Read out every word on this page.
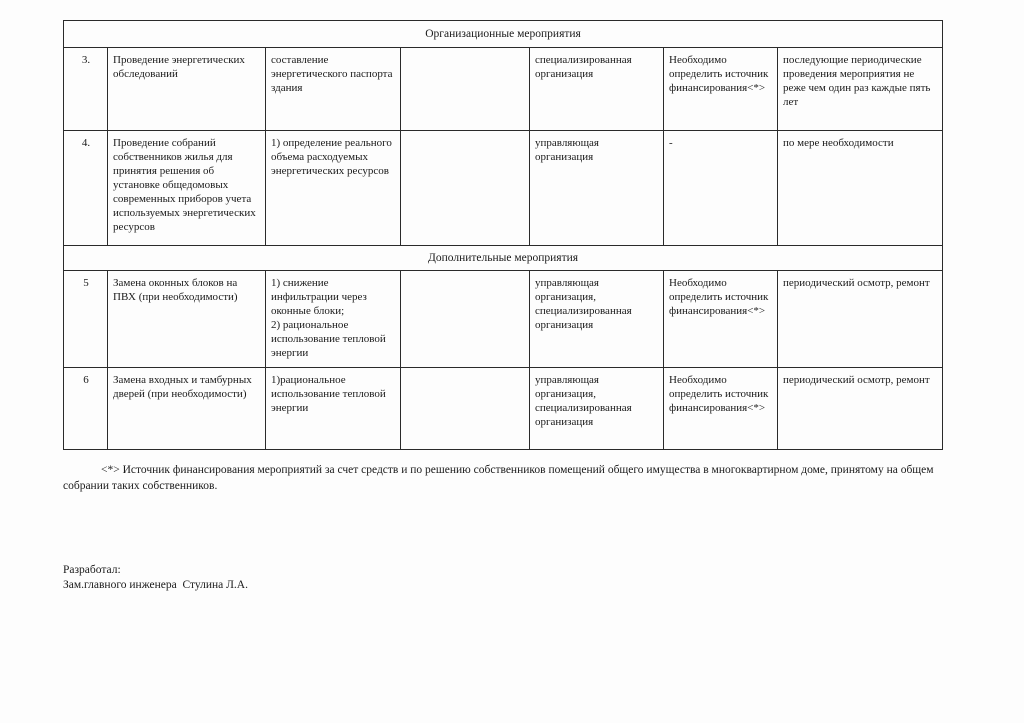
Организационные мероприятия						
3.	Проведение энергетических обследований	составление энергетического паспорта здания		специализированная организация	Необходимо определить источник финансирования<*>	последующие периодические проведения мероприятия не реже чем один раз каждые пять лет
4.	Проведение собраний собственников жилья для принятия решения об установке общедомовых современных приборов учета используемых энергетических ресурсов	1) определение реального объема расходуемых энергетических ресурсов		управляющая организация	-	по мере необходимости
Дополнительные мероприятия						
5	Замена оконных блоков на ПВХ (при необходимости)	1) снижение инфильтрации через оконные блоки;
2) рациональное использование тепловой энергии		управляющая организация, специализированная организация	Необходимо определить источник финансирования<*>	периодический осмотр, ремонт
6	Замена входных и тамбурных дверей (при необходимости)	1)рациональное использование тепловой энергии		управляющая организация, специализированная организация	Необходимо определить источник финансирования<*>	периодический осмотр, ремонт
<*> Источник финансирования мероприятий за счет средств и по решению собственников помещений общего имущества в многоквартирном доме, принятому на общем собрании таких собственников.
Разработал:
Зам.главного инженера  Стулина Л.А.
